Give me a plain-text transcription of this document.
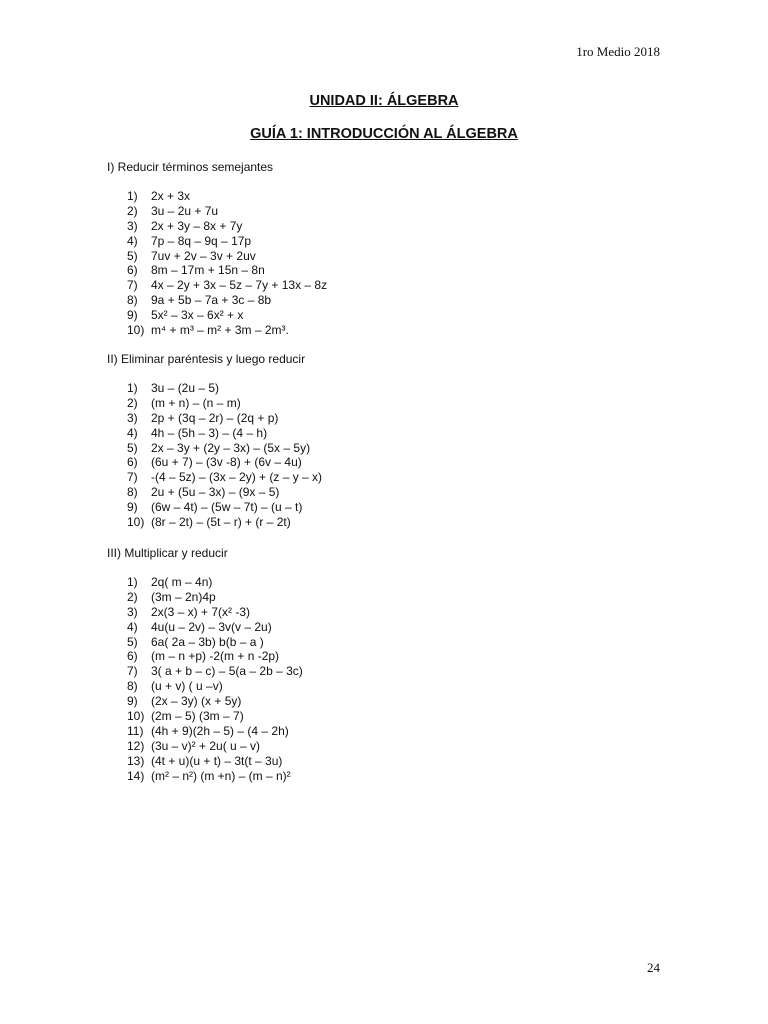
1ro Medio 2018
UNIDAD II: ÁLGEBRA
GUÍA 1: INTRODUCCIÓN AL ÁLGEBRA
I) Reducir términos semejantes
1)	2x + 3x
2)	3u – 2u + 7u
3)	2x + 3y – 8x + 7y
4)	7p – 8q – 9q – 17p
5)	7uv + 2v – 3v + 2uv
6)	8m – 17m + 15n – 8n
7)	4x – 2y + 3x – 5z – 7y + 13x – 8z
8)	9a + 5b – 7a + 3c – 8b
9)	5x² – 3x – 6x² + x
10) m⁴ + m³ – m² + 3m – 2m³.
II) Eliminar paréntesis y luego reducir
1)	3u – (2u – 5)
2)	(m + n) – (n – m)
3)	2p + (3q – 2r) – (2q + p)
4)	4h – (5h – 3) – (4 – h)
5)	2x – 3y + (2y – 3x) – (5x – 5y)
6)	(6u + 7) – (3v -8) + (6v – 4u)
7)	-(4 – 5z) – (3x – 2y) + (z – y – x)
8)	2u + (5u – 3x) – (9x – 5)
9)	(6w – 4t) – (5w – 7t) – (u – t)
10) (8r – 2t) – (5t – r) + (r – 2t)
III) Multiplicar y reducir
1)	2q( m – 4n)
2)	(3m – 2n)4p
3)	2x(3 – x) + 7(x² -3)
4)	4u(u – 2v) – 3v(v – 2u)
5)	6a( 2a – 3b) b(b – a )
6)	(m – n +p) -2(m + n -2p)
7)	3( a + b – c) – 5(a – 2b – 3c)
8)	(u + v) ( u –v)
9)	(2x – 3y) (x + 5y)
10) (2m – 5) (3m – 7)
11) (4h + 9)(2h – 5) – (4 – 2h)
12) (3u – v)² + 2u( u – v)
13) (4t + u)(u + t) – 3t(t – 3u)
14) (m² – n²) (m +n) – (m – n)²
24
